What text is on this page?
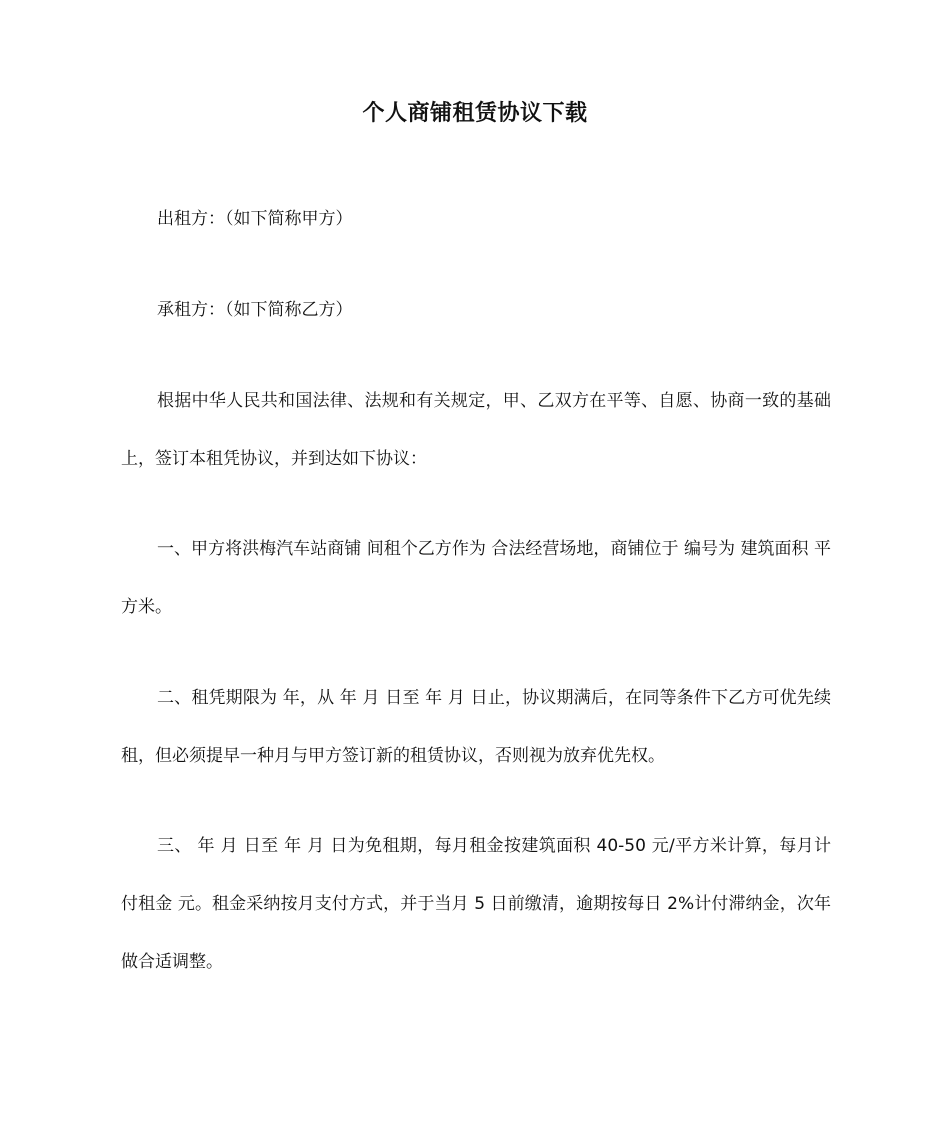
个人商铺租赁协议下载
出租方：（如下简称甲方）
承租方：（如下简称乙方）
根据中华人民共和国法律、法规和有关规定，甲、乙双方在平等、自愿、协商一致的基础上，签订本租凭协议，并到达如下协议：
一、甲方将洪梅汽车站商铺 间租个乙方作为 合法经营场地，商铺位于 编号为 建筑面积 平方米。
二、租凭期限为 年，从 年 月 日至 年 月 日止，协议期满后，在同等条件下乙方可优先续租，但必须提早一种月与甲方签订新的租赁协议，否则视为放弃优先权。
三、 年 月 日至 年 月 日为免租期，每月租金按建筑面积 40-50 元/平方米计算，每月计付租金 元。租金采纳按月支付方式，并于当月 5 日前缴清，逾期按每日 2%计付滞纳金，次年做合适调整。
